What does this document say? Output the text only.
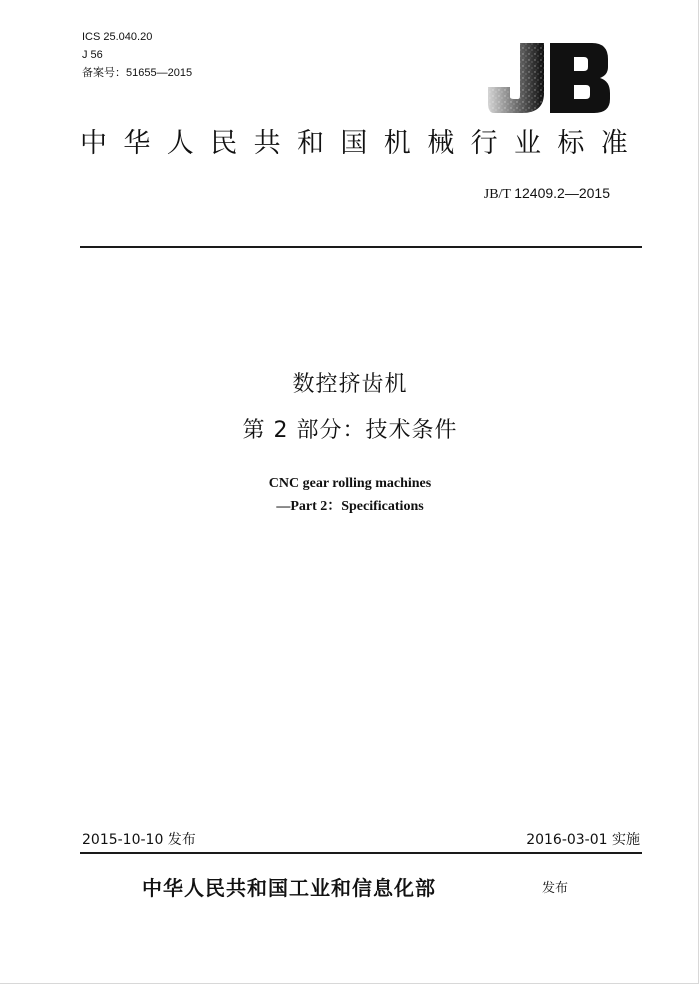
ICS 25.040.20
J 56
备案号：51655—2015
中华人民共和国机械行业标准
JB/T 12409.2—2015
数控挤齿机
第 2 部分：技术条件
CNC gear rolling machines
—Part 2：Specifications
2015-10-10 发布	2016-03-01 实施
中华人民共和国工业和信息化部	发布
